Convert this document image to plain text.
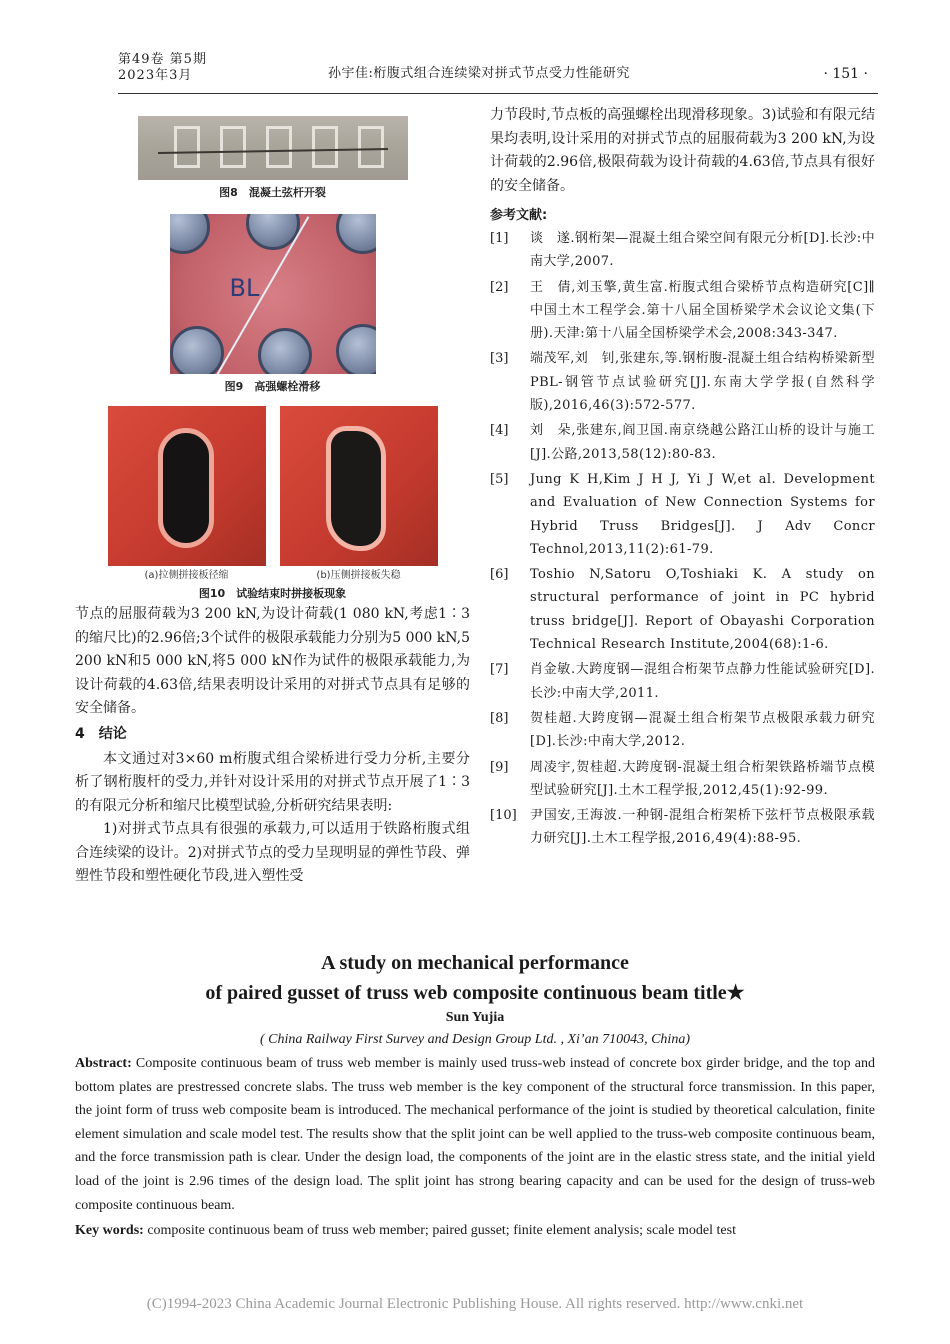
第49卷 第5期
2023年3月	孙宇佳:桁腹式组合连续梁对拼式节点受力性能研究	· 151 ·
图8　混凝土弦杆开裂
BL
图9　高强螺栓滑移
(a)拉侧拼接板径缩	(b)压侧拼接板失稳
图10　试验结束时拼接板现象

节点的屈服荷载为3 200 kN,为设计荷载(1 080 kN,考虑1∶3的缩尺比)的2.96倍;3个试件的极限承载能力分别为5 000 kN,5 200 kN和5 000 kN,将5 000 kN作为试件的极限承载能力,为设计荷载的4.63倍,结果表明设计采用的对拼式节点具有足够的安全储备。

4　结论

本文通过对3×60 m桁腹式组合梁桥进行受力分析,主要分析了钢桁腹杆的受力,并针对设计采用的对拼式节点开展了1∶3的有限元分析和缩尺比模型试验,分析研究结果表明:

1)对拼式节点具有很强的承载力,可以适用于铁路桁腹式组合连续梁的设计。2)对拼式节点的受力呈现明显的弹性节段、弹塑性节段和塑性硬化节段,进入塑性受

力节段时,节点板的高强螺栓出现滑移现象。3)试验和有限元结果均表明,设计采用的对拼式节点的屈服荷载为3 200 kN,为设计荷载的2.96倍,极限荷载为设计荷载的4.63倍,节点具有很好的安全储备。

参考文献:
[1]	谈　遂.钢桁架—混凝土组合梁空间有限元分析[D].长沙:中南大学,2007.
[2]	王　倩,刘玉擎,黄生富.桁腹式组合梁桥节点构造研究[C]∥中国土木工程学会.第十八届全国桥梁学术会议论文集(下册).天津:第十八届全国桥梁学术会,2008:343-347.
[3]	端茂军,刘　钊,张建东,等.钢桁腹-混凝土组合结构桥梁新型PBL-钢管节点试验研究[J].东南大学学报(自然科学版),2016,46(3):572-577.
[4]	刘　朵,张建东,阎卫国.南京绕越公路江山桥的设计与施工[J].公路,2013,58(12):80-83.
[5]	Jung K H,Kim J H J, Yi J W,et al. Development and Evaluation of New Connection Systems for Hybrid Truss Bridges[J]. J Adv Concr Technol,2013,11(2):61-79.
[6]	Toshio N,Satoru O,Toshiaki K. A study on structural performance of joint in PC hybrid truss bridge[J]. Report of Obayashi Corporation Technical Research Institute,2004(68):1-6.
[7]	肖金敏.大跨度钢—混组合桁架节点静力性能试验研究[D].长沙:中南大学,2011.
[8]	贺桂超.大跨度钢—混凝土组合桁架节点极限承载力研究[D].长沙:中南大学,2012.
[9]	周凌宇,贺桂超.大跨度钢-混凝土组合桁架铁路桥端节点模型试验研究[J].土木工程学报,2012,45(1):92-99.
[10]	尹国安,王海波.一种钢-混组合桁架桥下弦杆节点极限承载力研究[J].土木工程学报,2016,49(4):88-95.
A study on mechanical performance
of paired gusset of truss web composite continuous beam title★
Sun Yujia
( China Railway First Survey and Design Group Ltd. , Xi’an 710043, China)
Abstract: Composite continuous beam of truss web member is mainly used truss-web instead of concrete box girder bridge, and the top and bottom plates are prestressed concrete slabs. The truss web member is the key component of the structural force transmission. In this paper, the joint form of truss web composite beam is introduced. The mechanical performance of the joint is studied by theoretical calculation, finite element simulation and scale model test. The results show that the split joint can be well applied to the truss-web composite continuous beam, and the force transmission path is clear. Under the design load, the components of the joint are in the elastic stress state, and the initial yield load of the joint is 2.96 times of the design load. The split joint has strong bearing capacity and can be used for the design of truss-web composite continuous beam.
Key words: composite continuous beam of truss web member; paired gusset; finite element analysis; scale model test
(C)1994-2023 China Academic Journal Electronic Publishing House. All rights reserved. http://www.cnki.net
